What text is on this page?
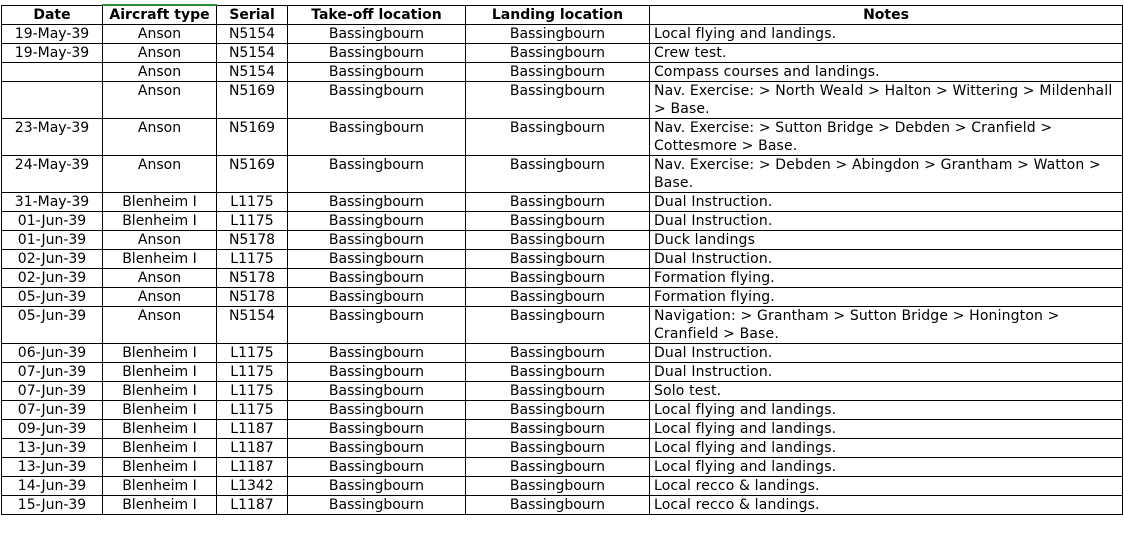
Date	Aircraft type	Serial	Take-off location	Landing location	Notes
19-May-39	Anson	N5154	Bassingbourn	Bassingbourn	Local flying and landings.
19-May-39	Anson	N5154	Bassingbourn	Bassingbourn	Crew test.
	Anson	N5154	Bassingbourn	Bassingbourn	Compass courses and landings.
	Anson	N5169	Bassingbourn	Bassingbourn	Nav. Exercise: > North Weald > Halton > Wittering > Mildenhall > Base.
23-May-39	Anson	N5169	Bassingbourn	Bassingbourn	Nav. Exercise: > Sutton Bridge > Debden > Cranfield > Cottesmore > Base.
24-May-39	Anson	N5169	Bassingbourn	Bassingbourn	Nav. Exercise: > Debden > Abingdon > Grantham > Watton > Base.
31-May-39	Blenheim I	L1175	Bassingbourn	Bassingbourn	Dual Instruction.
01-Jun-39	Blenheim I	L1175	Bassingbourn	Bassingbourn	Dual Instruction.
01-Jun-39	Anson	N5178	Bassingbourn	Bassingbourn	Duck landings
02-Jun-39	Blenheim I	L1175	Bassingbourn	Bassingbourn	Dual Instruction.
02-Jun-39	Anson	N5178	Bassingbourn	Bassingbourn	Formation flying.
05-Jun-39	Anson	N5178	Bassingbourn	Bassingbourn	Formation flying.
05-Jun-39	Anson	N5154	Bassingbourn	Bassingbourn	Navigation: > Grantham > Sutton Bridge > Honington > Cranfield > Base.
06-Jun-39	Blenheim I	L1175	Bassingbourn	Bassingbourn	Dual Instruction.
07-Jun-39	Blenheim I	L1175	Bassingbourn	Bassingbourn	Dual Instruction.
07-Jun-39	Blenheim I	L1175	Bassingbourn	Bassingbourn	Solo test.
07-Jun-39	Blenheim I	L1175	Bassingbourn	Bassingbourn	Local flying and landings.
09-Jun-39	Blenheim I	L1187	Bassingbourn	Bassingbourn	Local flying and landings.
13-Jun-39	Blenheim I	L1187	Bassingbourn	Bassingbourn	Local flying and landings.
13-Jun-39	Blenheim I	L1187	Bassingbourn	Bassingbourn	Local flying and landings.
14-Jun-39	Blenheim I	L1342	Bassingbourn	Bassingbourn	Local recco & landings.
15-Jun-39	Blenheim I	L1187	Bassingbourn	Bassingbourn	Local recco & landings.
